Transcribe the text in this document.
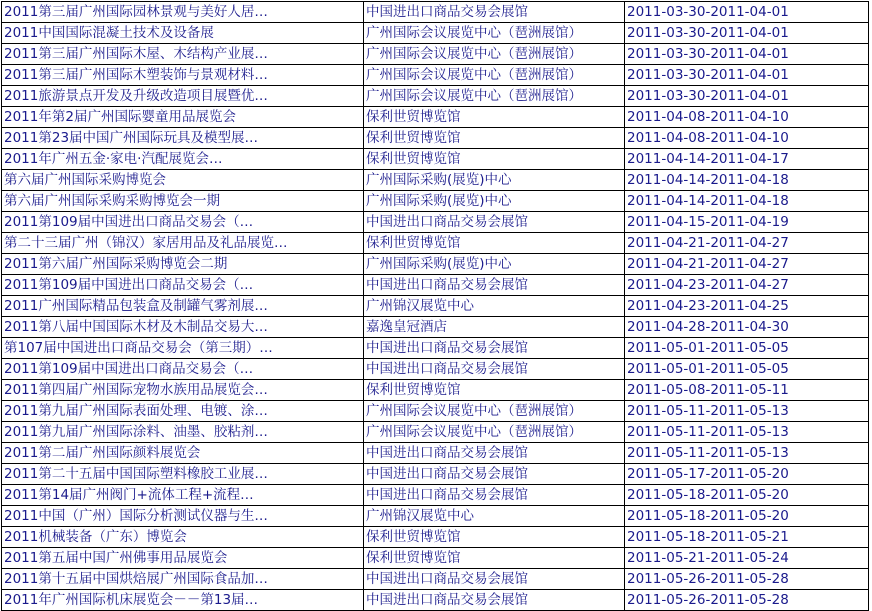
2011第三届广州国际园林景观与美好人居…	中国进出口商品交易会展馆	2011-03-30-2011-04-01
2011中国国际混凝土技术及设备展	广州国际会议展览中心（琶洲展馆）	2011-03-30-2011-04-01
2011第三届广州国际木屋、木结构产业展…	广州国际会议展览中心（琶洲展馆）	2011-03-30-2011-04-01
2011第三届广州国际木塑装饰与景观材料…	广州国际会议展览中心（琶洲展馆）	2011-03-30-2011-04-01
2011旅游景点开发及升级改造项目展暨优…	广州国际会议展览中心（琶洲展馆）	2011-03-30-2011-04-01
2011年第2届广州国际婴童用品展览会	保利世贸博览馆	2011-04-08-2011-04-10
2011第23届中国广州国际玩具及模型展…	保利世贸博览馆	2011-04-08-2011-04-10
2011年广州五金·家电·汽配展览会…	保利世贸博览馆	2011-04-14-2011-04-17
第六届广州国际采购博览会	广州国际采购(展览)中心	2011-04-14-2011-04-18
第六届广州国际采购采购博览会一期	广州国际采购(展览)中心	2011-04-14-2011-04-18
2011第109届中国进出口商品交易会（…	中国进出口商品交易会展馆	2011-04-15-2011-04-19
第二十三届广州（锦汉）家居用品及礼品展览…	保利世贸博览馆	2011-04-21-2011-04-27
2011第六届广州国际采购博览会二期	广州国际采购(展览)中心	2011-04-21-2011-04-27
2011第109届中国进出口商品交易会（…	中国进出口商品交易会展馆	2011-04-23-2011-04-27
2011广州国际精品包装盒及制罐气雾剂展…	广州锦汉展览中心	2011-04-23-2011-04-25
2011第八届中国国际木材及木制品交易大…	嘉逸皇冠酒店	2011-04-28-2011-04-30
第107届中国进出口商品交易会（第三期）…	中国进出口商品交易会展馆	2011-05-01-2011-05-05
2011第109届中国进出口商品交易会（…	中国进出口商品交易会展馆	2011-05-01-2011-05-05
2011第四届广州国际宠物水族用品展览会…	保利世贸博览馆	2011-05-08-2011-05-11
2011第九届广州国际表面处理、电镀、涂…	广州国际会议展览中心（琶洲展馆）	2011-05-11-2011-05-13
2011第九届广州国际涂料、油墨、胶粘剂…	广州国际会议展览中心（琶洲展馆）	2011-05-11-2011-05-13
2011第二届广州国际颜料展览会	中国进出口商品交易会展馆	2011-05-11-2011-05-13
2011第二十五届中国国际塑料橡胶工业展…	中国进出口商品交易会展馆	2011-05-17-2011-05-20
2011第14届广州阀门+流体工程+流程…	中国进出口商品交易会展馆	2011-05-18-2011-05-20
2011中国（广州）国际分析测试仪器与生…	广州锦汉展览中心	2011-05-18-2011-05-20
2011机械装备（广东）博览会	保利世贸博览馆	2011-05-18-2011-05-21
2011第五届中国广州佛事用品展览会	保利世贸博览馆	2011-05-21-2011-05-24
2011第十五届中国烘焙展广州国际食品加…	中国进出口商品交易会展馆	2011-05-26-2011-05-28
2011年广州国际机床展览会－－第13届…	中国进出口商品交易会展馆	2011-05-26-2011-05-28
